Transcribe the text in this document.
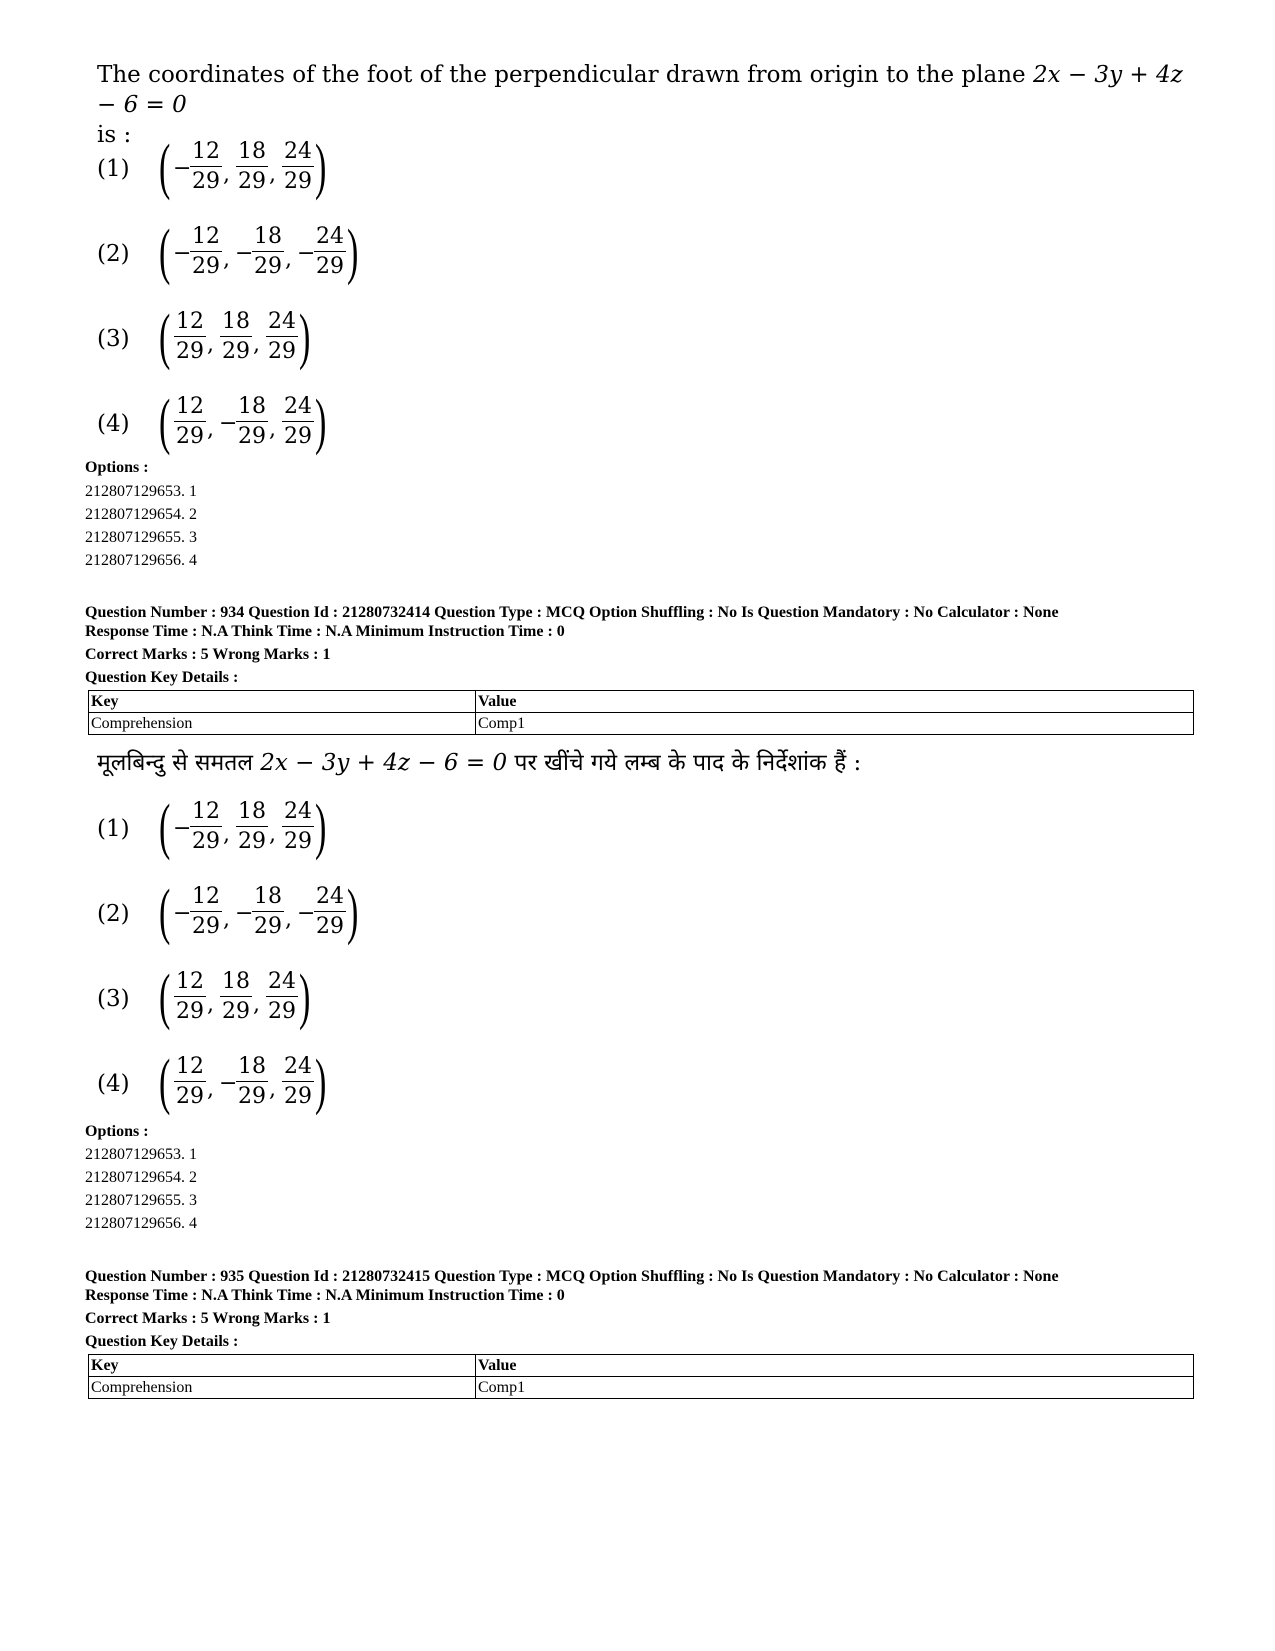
The coordinates of the foot of the perpendicular drawn from origin to the plane 2x − 3y + 4z − 6 = 0
is :
(1) ( −
12
29 ,
18
29 ,
24
29 )
(2) ( −
12
29 , −
18
29 , −
24
29 )
(3) ( 12
29 ,
18
29 ,
24
29 )
(4) ( 12
29 , −
18
29 ,
24
29 )
Options :
212807129653. 1
212807129654. 2
212807129655. 3
212807129656. 4
Question Number : 934 Question Id : 21280732414 Question Type : MCQ Option Shuffling : No Is Question Mandatory : No Calculator : None
Response Time : N.A Think Time : N.A Minimum Instruction Time : 0
Correct Marks : 5 Wrong Marks : 1
Question Key Details :
Key	Value
Comprehension	Comp1
मूलबिन्दु से समतल 2x − 3y + 4z − 6 = 0 पर खींचे गये लम्ब के पाद के निर्देशांक हैं :
(1) ( −
12
29 ,
18
29 ,
24
29 )
(2) ( −
12
29 , −
18
29 , −
24
29 )
(3) ( 12
29 ,
18
29 ,
24
29 )
(4) ( 12
29 , −
18
29 ,
24
29 )
Options :
212807129653. 1
212807129654. 2
212807129655. 3
212807129656. 4
Question Number : 935 Question Id : 21280732415 Question Type : MCQ Option Shuffling : No Is Question Mandatory : No Calculator : None
Response Time : N.A Think Time : N.A Minimum Instruction Time : 0
Correct Marks : 5 Wrong Marks : 1
Question Key Details :
Key	Value
Comprehension	Comp1
